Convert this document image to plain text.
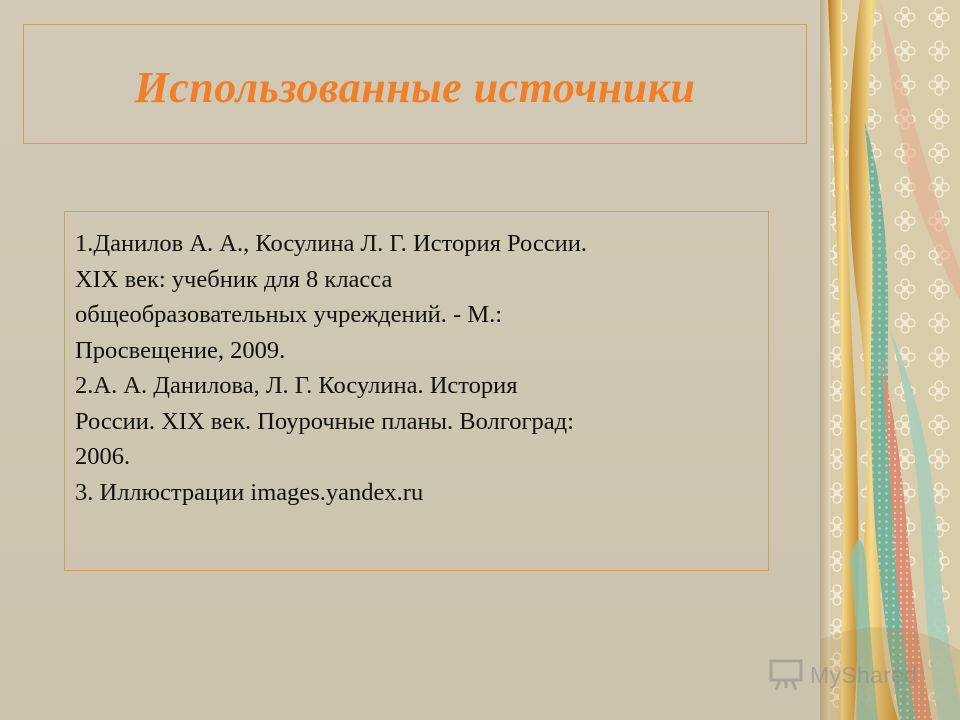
Использованные источники
1.Данилов А. А., Косулина Л. Г. История России.
XIX век: учебник для 8 класса
общеобразовательных учреждений. - М.:
Просвещение, 2009.
2.А. А. Данилова, Л. Г. Косулина. История
России. XIX век. Поурочные планы. Волгоград:
2006.
3. Иллюстрации images.yandex.ru
MyShared
